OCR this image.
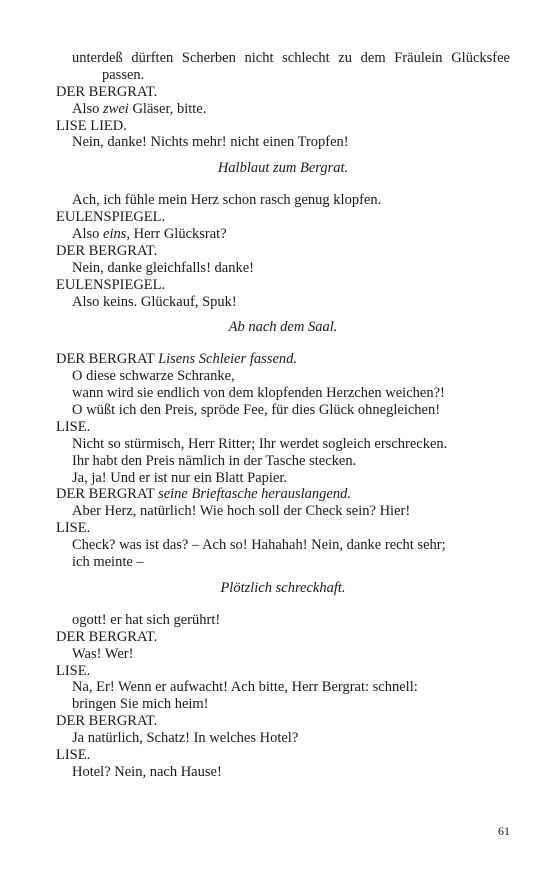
unterdeß dürften Scherben nicht schlecht zu dem Fräulein Glücksfee
passen.
DER BERGRAT.
Also zwei Gläser, bitte.
LISE LIED.
Nein, danke! Nichts mehr! nicht einen Tropfen!
Halblaut zum Bergrat.
Ach, ich fühle mein Herz schon rasch genug klopfen.
EULENSPIEGEL.
Also eins, Herr Glücksrat?
DER BERGRAT.
Nein, danke gleichfalls! danke!
EULENSPIEGEL.
Also keins. Glückauf, Spuk!
Ab nach dem Saal.
DER BERGRAT Lisens Schleier fassend.
O diese schwarze Schranke,
wann wird sie endlich von dem klopfenden Herzchen weichen?!
O wüßt ich den Preis, spröde Fee, für dies Glück ohnegleichen!
LISE.
Nicht so stürmisch, Herr Ritter; Ihr werdet sogleich erschrecken.
Ihr habt den Preis nämlich in der Tasche stecken.
Ja, ja! Und er ist nur ein Blatt Papier.
DER BERGRAT seine Brieftasche herauslangend.
Aber Herz, natürlich! Wie hoch soll der Check sein? Hier!
LISE.
Check? was ist das? – Ach so! Hahahah! Nein, danke recht sehr;
ich meinte –
Plötzlich schreckhaft.
ogott! er hat sich gerührt!
DER BERGRAT.
Was! Wer!
LISE.
Na, Er! Wenn er aufwacht! Ach bitte, Herr Bergrat: schnell:
bringen Sie mich heim!
DER BERGRAT.
Ja natürlich, Schatz! In welches Hotel?
LISE.
Hotel? Nein, nach Hause!
61
